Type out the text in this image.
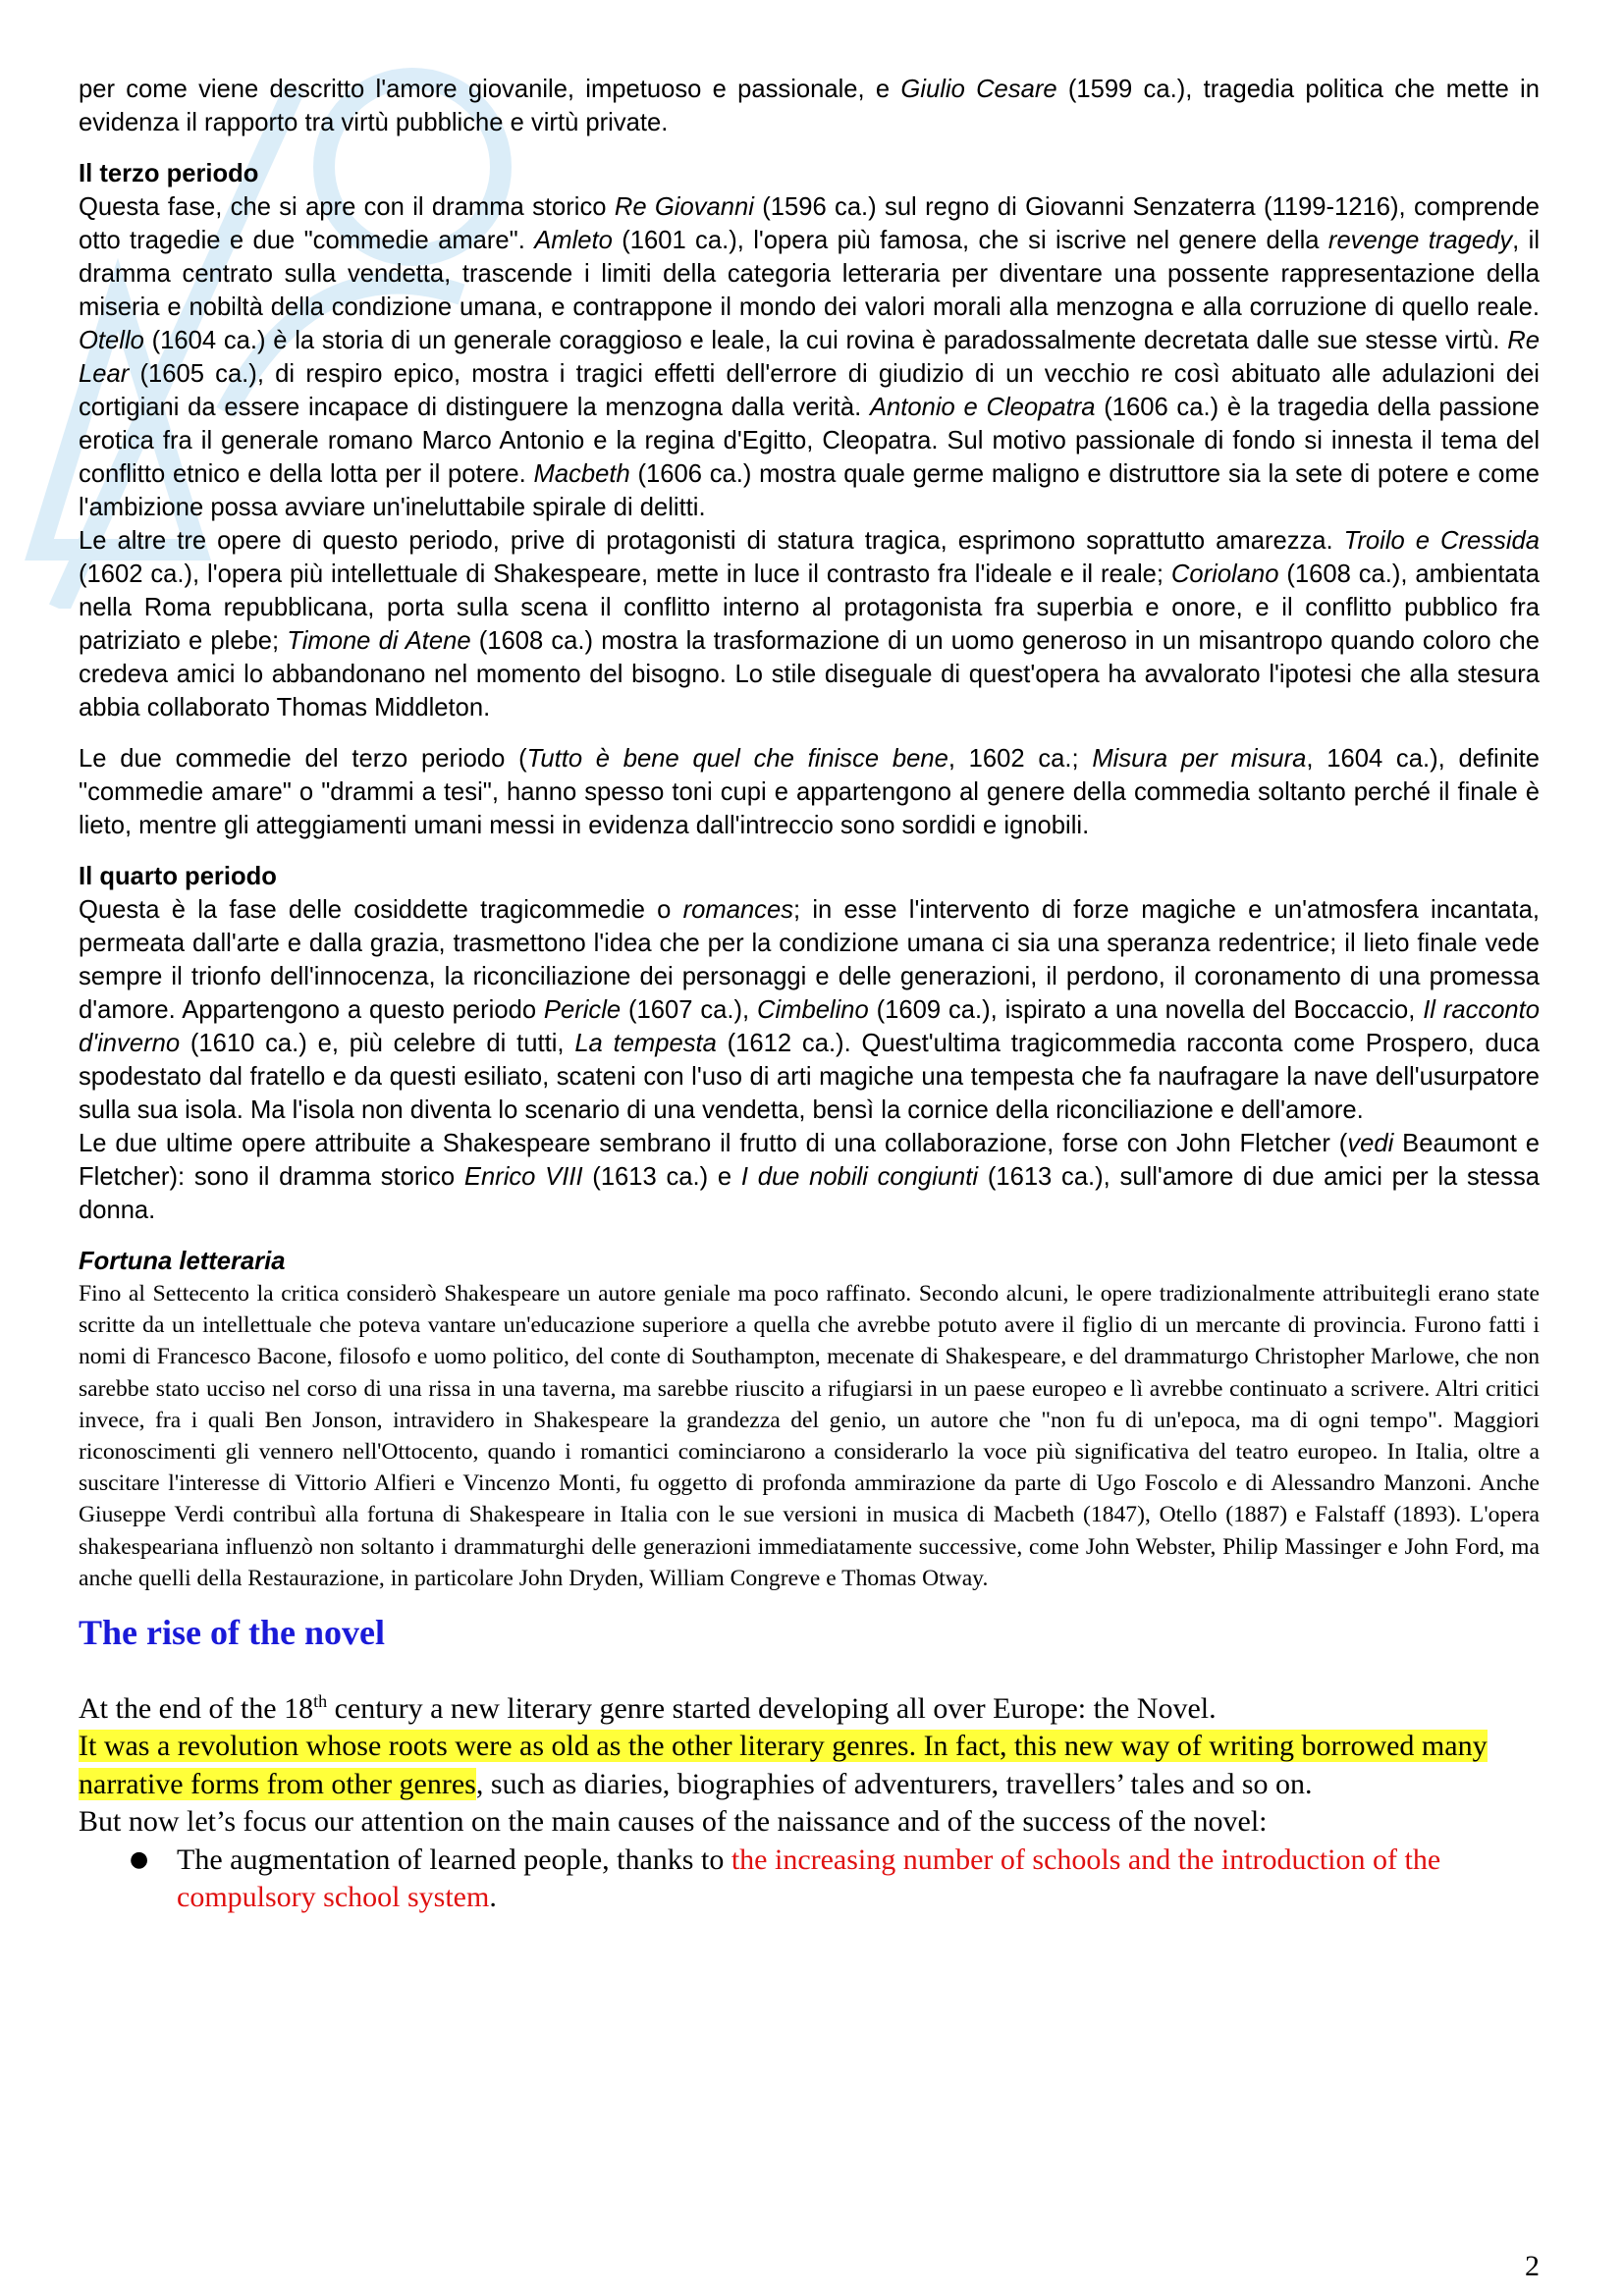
per come viene descritto l'amore giovanile, impetuoso e passionale, e Giulio Cesare (1599 ca.), tragedia politica che mette in evidenza il rapporto tra virtù pubbliche e virtù private.

Il terzo periodo

Questa fase, che si apre con il dramma storico Re Giovanni (1596 ca.) sul regno di Giovanni Senzaterra (1199-1216), comprende otto tragedie e due "commedie amare". Amleto (1601 ca.), l'opera più famosa, che si iscrive nel genere della revenge tragedy, il dramma centrato sulla vendetta, trascende i limiti della categoria letteraria per diventare una possente rappresentazione della miseria e nobiltà della condizione umana, e contrappone il mondo dei valori morali alla menzogna e alla corruzione di quello reale. Otello (1604 ca.) è la storia di un generale coraggioso e leale, la cui rovina è paradossalmente decretata dalle sue stesse virtù. Re Lear (1605 ca.), di respiro epico, mostra i tragici effetti dell'errore di giudizio di un vecchio re così abituato alle adulazioni dei cortigiani da essere incapace di distinguere la menzogna dalla verità. Antonio e Cleopatra (1606 ca.) è la tragedia della passione erotica fra il generale romano Marco Antonio e la regina d'Egitto, Cleopatra. Sul motivo passionale di fondo si innesta il tema del conflitto etnico e della lotta per il potere. Macbeth (1606 ca.) mostra quale germe maligno e distruttore sia la sete di potere e come l'ambizione possa avviare un'ineluttabile spirale di delitti.

Le altre tre opere di questo periodo, prive di protagonisti di statura tragica, esprimono soprattutto amarezza. Troilo e Cressida (1602 ca.), l'opera più intellettuale di Shakespeare, mette in luce il contrasto fra l'ideale e il reale; Coriolano (1608 ca.), ambientata nella Roma repubblicana, porta sulla scena il conflitto interno al protagonista fra superbia e onore, e il conflitto pubblico fra patriziato e plebe; Timone di Atene (1608 ca.) mostra la trasformazione di un uomo generoso in un misantropo quando coloro che credeva amici lo abbandonano nel momento del bisogno. Lo stile diseguale di quest'opera ha avvalorato l'ipotesi che alla stesura abbia collaborato Thomas Middleton.

Le due commedie del terzo periodo (Tutto è bene quel che finisce bene, 1602 ca.; Misura per misura, 1604 ca.), definite "commedie amare" o "drammi a tesi", hanno spesso toni cupi e appartengono al genere della commedia soltanto perché il finale è lieto, mentre gli atteggiamenti umani messi in evidenza dall'intreccio sono sordidi e ignobili.

Il quarto periodo

Questa è la fase delle cosiddette tragicommedie o romances; in esse l'intervento di forze magiche e un'atmosfera incantata, permeata dall'arte e dalla grazia, trasmettono l'idea che per la condizione umana ci sia una speranza redentrice; il lieto finale vede sempre il trionfo dell'innocenza, la riconciliazione dei personaggi e delle generazioni, il perdono, il coronamento di una promessa d'amore. Appartengono a questo periodo Pericle (1607 ca.), Cimbelino (1609 ca.), ispirato a una novella del Boccaccio, Il racconto d'inverno (1610 ca.) e, più celebre di tutti, La tempesta (1612 ca.). Quest'ultima tragicommedia racconta come Prospero, duca spodestato dal fratello e da questi esiliato, scateni con l'uso di arti magiche una tempesta che fa naufragare la nave dell'usurpatore sulla sua isola. Ma l'isola non diventa lo scenario di una vendetta, bensì la cornice della riconciliazione e dell'amore.

Le due ultime opere attribuite a Shakespeare sembrano il frutto di una collaborazione, forse con John Fletcher (vedi Beaumont e Fletcher): sono il dramma storico Enrico VIII (1613 ca.) e I due nobili congiunti (1613 ca.), sull'amore di due amici per la stessa donna.

Fortuna letteraria

Fino al Settecento la critica considerò Shakespeare un autore geniale ma poco raffinato. Secondo alcuni, le opere tradizionalmente attribuitegli erano state scritte da un intellettuale che poteva vantare un'educazione superiore a quella che avrebbe potuto avere il figlio di un mercante di provincia. Furono fatti i nomi di Francesco Bacone, filosofo e uomo politico, del conte di Southampton, mecenate di Shakespeare, e del drammaturgo Christopher Marlowe, che non sarebbe stato ucciso nel corso di una rissa in una taverna, ma sarebbe riuscito a rifugiarsi in un paese europeo e lì avrebbe continuato a scrivere. Altri critici invece, fra i quali Ben Jonson, intravidero in Shakespeare la grandezza del genio, un autore che "non fu di un'epoca, ma di ogni tempo". Maggiori riconoscimenti gli vennero nell'Ottocento, quando i romantici cominciarono a considerarlo la voce più significativa del teatro europeo. In Italia, oltre a suscitare l'interesse di Vittorio Alfieri e Vincenzo Monti, fu oggetto di profonda ammirazione da parte di Ugo Foscolo e di Alessandro Manzoni. Anche Giuseppe Verdi contribuì alla fortuna di Shakespeare in Italia con le sue versioni in musica di Macbeth (1847), Otello (1887) e Falstaff (1893). L'opera shakespeariana influenzò non soltanto i drammaturghi delle generazioni immediatamente successive, come John Webster, Philip Massinger e John Ford, ma anche quelli della Restaurazione, in particolare John Dryden, William Congreve e Thomas Otway.

The rise of the novel

At the end of the 18th century a new literary genre started developing all over Europe: the Novel.

It was a revolution whose roots were as old as the other literary genres. In fact, this new way of writing borrowed many narrative forms from other genres, such as diaries, biographies of adventurers, travellers’ tales and so on.

But now let’s focus our attention on the main causes of the naissance and of the success of the novel:

● The augmentation of learned people, thanks to the increasing number of schools and the introduction of the compulsory school system.
2
